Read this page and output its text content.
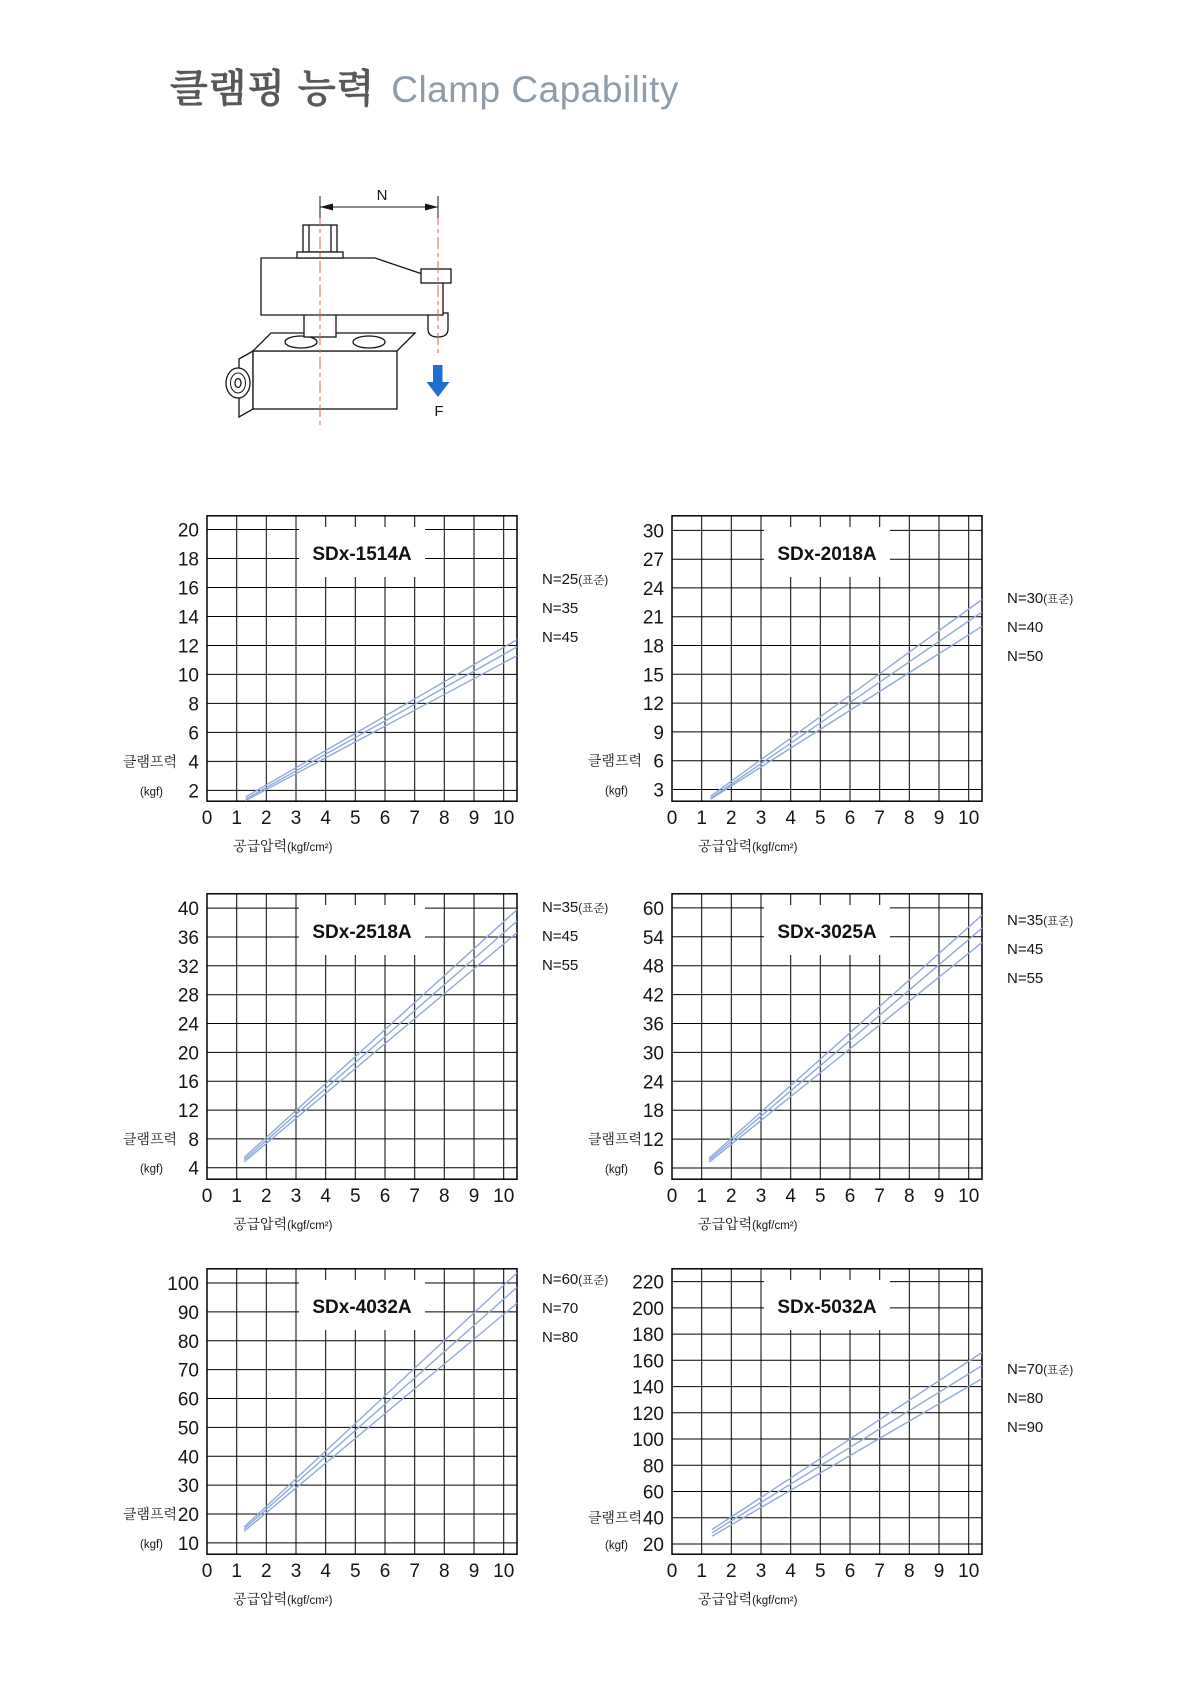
클램핑 능력 Clamp Capability
N
F
SDx-1514A
2
4
6
8
10
12
14
16
18
20
0 1 2 3 4 5 6 7 8 9 10
클램프력
(kgf)
공급압력(kgf/cm²)
N=25(표준)
N=35
N=45
SDx-2018A
3
6
9
12
15
18
21
24
27
30
0 1 2 3 4 5 6 7 8 9 10
클램프력
(kgf)
공급압력(kgf/cm²)
N=30(표준)
N=40
N=50
SDx-2518A
4
8
12
16
20
24
28
32
36
40
0 1 2 3 4 5 6 7 8 9 10
클램프력
(kgf)
공급압력(kgf/cm²)
N=35(표준)
N=45
N=55
SDx-3025A
6
12
18
24
30
36
42
48
54
60
0 1 2 3 4 5 6 7 8 9 10
클램프력
(kgf)
공급압력(kgf/cm²)
N=35(표준)
N=45
N=55
SDx-4032A
10
20
30
40
50
60
70
80
90
100
0 1 2 3 4 5 6 7 8 9 10
클램프력
(kgf)
공급압력(kgf/cm²)
N=60(표준)
N=70
N=80
SDx-5032A
20
40
60
80
100
120
140
160
180
200
220
0 1 2 3 4 5 6 7 8 9 10
클램프력
(kgf)
공급압력(kgf/cm²)
N=70(표준)
N=80
N=90
